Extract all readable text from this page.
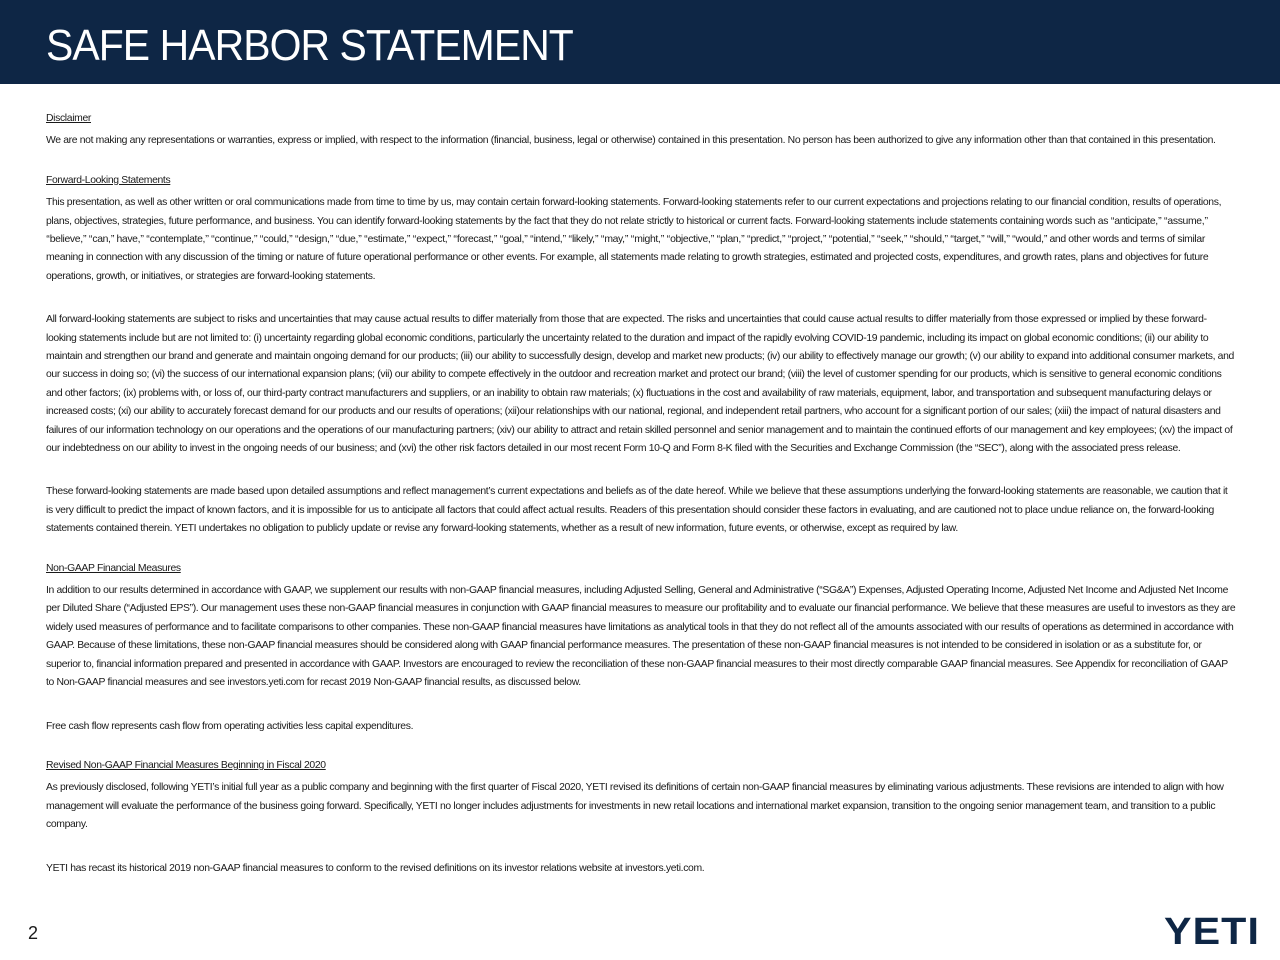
SAFE HARBOR STATEMENT

Disclaimer

We are not making any representations or warranties, express or implied, with respect to the information (financial, business, legal or otherwise) contained in this presentation. No person has been authorized to give any information other than that contained in this presentation.

Forward-Looking Statements

This presentation, as well as other written or oral communications made from time to time by us, may contain certain forward-looking statements. Forward-looking statements refer to our current expectations and projections relating to our financial condition, results of operations, plans, objectives, strategies, future performance, and business. You can identify forward-looking statements by the fact that they do not relate strictly to historical or current facts. Forward-looking statements include statements containing words such as ‘‘anticipate,’’ ‘‘assume,’’ ‘‘believe,’’ ‘‘can,’’ have,’’ ‘‘contemplate,’’ ‘‘continue,’’ ‘‘could,’’ ‘‘design,’’ ‘‘due,’’ ‘‘estimate,’’ ‘‘expect,’’ ‘‘forecast,’’ ‘‘goal,’’ ‘‘intend,’’ ‘‘likely,’’ ‘‘may,’’ ‘‘might,’’ ‘‘objective,’’ ‘‘plan,’’ ‘‘predict,’’ ‘‘project,’’ ‘‘potential,’’ ‘‘seek,’’ ‘‘should,’’ ‘‘target,’’ ‘‘will,’’ ‘‘would,’’ and other words and terms of similar meaning in connection with any discussion of the timing or nature of future operational performance or other events. For example, all statements made relating to growth strategies, estimated and projected costs, expenditures, and growth rates, plans and objectives for future operations, growth, or initiatives, or strategies are forward-looking statements.

All forward-looking statements are subject to risks and uncertainties that may cause actual results to differ materially from those that are expected. The risks and uncertainties that could cause actual results to differ materially from those expressed or implied by these forward-looking statements include but are not limited to: (i) uncertainty regarding global economic conditions, particularly the uncertainty related to the duration and impact of the rapidly evolving COVID-19 pandemic, including its impact on global economic conditions; (ii) our ability to maintain and strengthen our brand and generate and maintain ongoing demand for our products; (iii) our ability to successfully design, develop and market new products; (iv) our ability to effectively manage our growth; (v) our ability to expand into additional consumer markets, and our success in doing so; (vi) the success of our international expansion plans; (vii) our ability to compete effectively in the outdoor and recreation market and protect our brand; (viii) the level of customer spending for our products, which is sensitive to general economic conditions and other factors; (ix) problems with, or loss of, our third-party contract manufacturers and suppliers, or an inability to obtain raw materials; (x) fluctuations in the cost and availability of raw materials, equipment, labor, and transportation and subsequent manufacturing delays or increased costs; (xi) our ability to accurately forecast demand for our products and our results of operations; (xii)our relationships with our national, regional, and independent retail partners, who account for a significant portion of our sales; (xiii) the impact of natural disasters and failures of our information technology on our operations and the operations of our manufacturing partners; (xiv) our ability to attract and retain skilled personnel and senior management and to maintain the continued efforts of our management and key employees; (xv) the impact of our indebtedness on our ability to invest in the ongoing needs of our business; and (xvi) the other risk factors detailed in our most recent Form 10-Q and Form 8-K filed with the Securities and Exchange Commission (the “SEC”), along with the associated press release.

These forward-looking statements are made based upon detailed assumptions and reflect management’s current expectations and beliefs as of the date hereof. While we believe that these assumptions underlying the forward-looking statements are reasonable, we caution that it is very difficult to predict the impact of known factors, and it is impossible for us to anticipate all factors that could affect actual results. Readers of this presentation should consider these factors in evaluating, and are cautioned not to place undue reliance on, the forward-looking statements contained therein. YETI undertakes no obligation to publicly update or revise any forward-looking statements, whether as a result of new information, future events, or otherwise, except as required by law.

Non-GAAP Financial Measures

In addition to our results determined in accordance with GAAP, we supplement our results with non-GAAP financial measures, including Adjusted Selling, General and Administrative (“SG&A”) Expenses, Adjusted Operating Income, Adjusted Net Income and Adjusted Net Income per Diluted Share (“Adjusted EPS”). Our management uses these non-GAAP financial measures in conjunction with GAAP financial measures to measure our profitability and to evaluate our financial performance. We believe that these measures are useful to investors as they are widely used measures of performance and to facilitate comparisons to other companies. These non-GAAP financial measures have limitations as analytical tools in that they do not reflect all of the amounts associated with our results of operations as determined in accordance with GAAP. Because of these limitations, these non-GAAP financial measures should be considered along with GAAP financial performance measures. The presentation of these non-GAAP financial measures is not intended to be considered in isolation or as a substitute for, or superior to, financial information prepared and presented in accordance with GAAP. Investors are encouraged to review the reconciliation of these non-GAAP financial measures to their most directly comparable GAAP financial measures. See Appendix for reconciliation of GAAP to Non-GAAP financial measures and see investors.yeti.com for recast 2019 Non-GAAP financial results, as discussed below.

Free cash flow represents cash flow from operating activities less capital expenditures.

Revised Non-GAAP Financial Measures Beginning in Fiscal 2020

As previously disclosed, following YETI’s initial full year as a public company and beginning with the first quarter of Fiscal 2020, YETI revised its definitions of certain non-GAAP financial measures by eliminating various adjustments. These revisions are intended to align with how management will evaluate the performance of the business going forward. Specifically, YETI no longer includes adjustments for investments in new retail locations and international market expansion, transition to the ongoing senior management team, and transition to a public company.

YETI has recast its historical 2019 non-GAAP financial measures to conform to the revised definitions on its investor relations website at investors.yeti.com.

2	YETI
